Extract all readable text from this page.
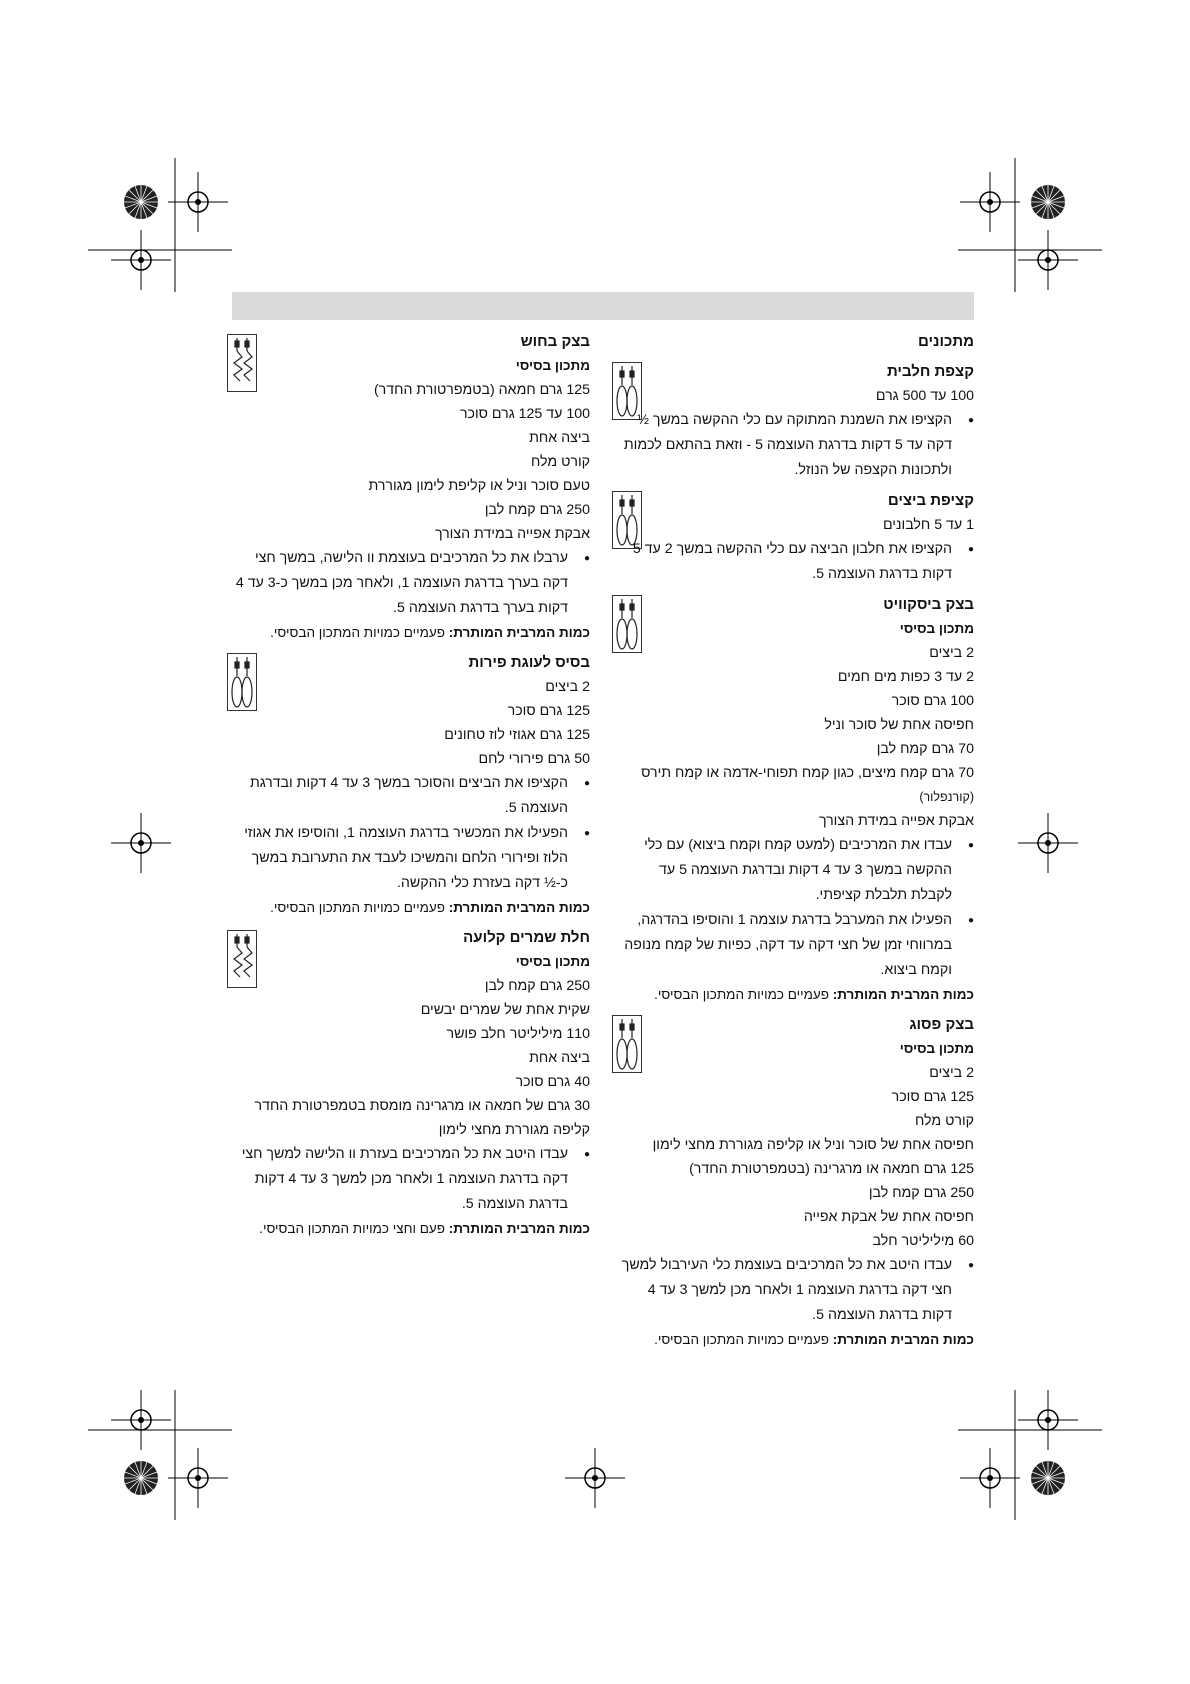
מתכונים
קצפת חלבית
100 עד 500 גרם
● הקציפו את השמנת המתוקה עם כלי ההקשה במשך ½ דקה עד 5 דקות בדרגת העוצמה 5 - וזאת בהתאם לכמות ולתכונות הקצפה של הנוזל.
קציפת ביצים
1 עד 5 חלבונים
● הקציפו את חלבון הביצה עם כלי ההקשה במשך 2 עד 5 דקות בדרגת העוצמה 5.
בצק ביסקוויט
מתכון בסיסי
2 ביצים
2 עד 3 כפות מים חמים
100 גרם סוכר
חפיסה אחת של סוכר וניל
70 גרם קמח לבן
70 גרם קמח מיצים, כגון קמח תפוחי-אדמה או קמח תירס
(קורנפלור)
אבקת אפייה במידת הצורך
● עבדו את המרכיבים (למעט קמח וקמח ביצוא) עם כלי ההקשה במשך 3 עד 4 דקות ובדרגת העוצמה 5 עד לקבלת תלבלת קציפתי.
● הפעילו את המערבל בדרגת עוצמה 1 והוסיפו בהדרגה, במרווחי זמן של חצי דקה עד דקה, כפיות של קמח מנופה וקמח ביצוא.

כמות המרבית המותרת: פעמיים כמויות המתכון הבסיסי.

בצק פסוג
מתכון בסיסי
2 ביצים
125 גרם סוכר
קורט מלח
חפיסה אחת של סוכר וניל או קליפה מגוררת מחצי לימון
125 גרם חמאה או מרגרינה (בטמפרטורת החדר)
250 גרם קמח לבן
חפיסה אחת של אבקת אפייה
60 מיליליטר חלב
● עבדו היטב את כל המרכיבים בעוצמת כלי העירבול למשך חצי דקה בדרגת העוצמה 1 ולאחר מכן למשך 3 עד 4 דקות בדרגת העוצמה 5.

כמות המרבית המותרת: פעמיים כמויות המתכון הבסיסי.

בצק בחוש
מתכון בסיסי
125 גרם חמאה (בטמפרטורת החדר)
100 עד 125 גרם סוכר
ביצה אחת
קורט מלח
טעם סוכר וניל או קליפת לימון מגוררת
250 גרם קמח לבן
אבקת אפייה במידת הצורך
● ערבלו את כל המרכיבים בעוצמת וו הלישה, במשך חצי דקה בערך בדרגת העוצמה 1, ולאחר מכן במשך כ-3 עד 4 דקות בערך בדרגת העוצמה 5.

כמות המרבית המותרת: פעמיים כמויות המתכון הבסיסי.

בסיס לעוגת פירות
2 ביצים
125 גרם סוכר
125 גרם אגוזי לוז טחונים
50 גרם פירורי לחם
● הקציפו את הביצים והסוכר במשך 3 עד 4 דקות ובדרגת העוצמה 5.
● הפעילו את המכשיר בדרגת העוצמה 1, והוסיפו את אגוזי הלוז ופירורי הלחם והמשיכו לעבד את התערובת במשך כ-½ דקה בעזרת כלי ההקשה.

כמות המרבית המותרת: פעמיים כמויות המתכון הבסיסי.

חלת שמרים קלועה
מתכון בסיסי
250 גרם קמח לבן
שקית אחת של שמרים יבשים
110 מיליליטר חלב פושר
ביצה אחת
40 גרם סוכר
30 גרם של חמאה או מרגרינה מומסת בטמפרטורת החדר
קליפה מגוררת מחצי לימון
● עבדו היטב את כל המרכיבים בעזרת וו הלישה למשך חצי דקה בדרגת העוצמה 1 ולאחר מכן למשך 3 עד 4 דקות בדרגת העוצמה 5.

כמות המרבית המותרת: פעם וחצי כמויות המתכון הבסיסי.
